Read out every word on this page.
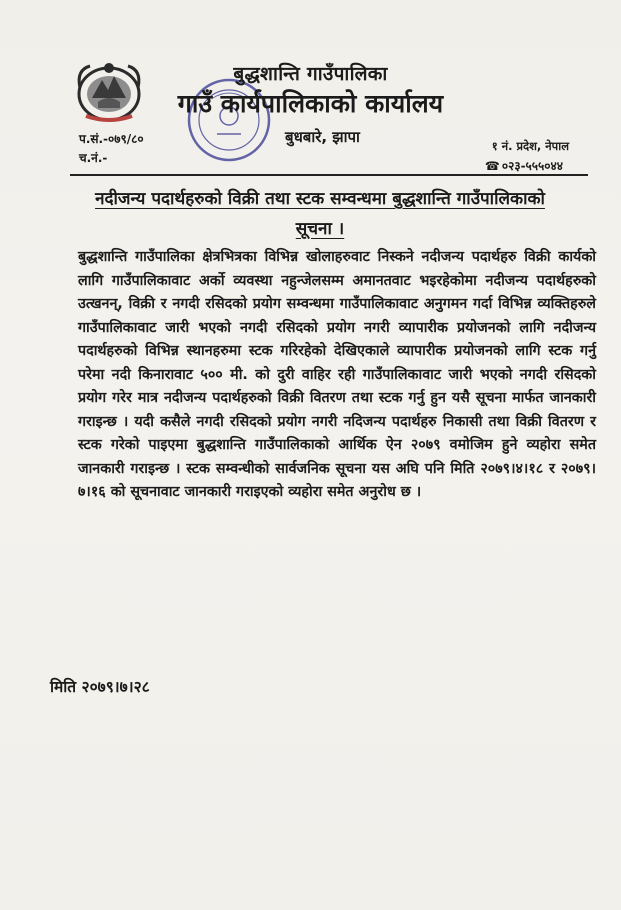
बुद्धशान्ति गाउँपालिका
गाउँ कार्यपालिकाको कार्यालय
बुधबारे, झापा
प.सं.-०७९/८०
च.नं.-
१ नं. प्रदेश, नेपाल
☎ ०२३-५५५०४४
नदीजन्य पदार्थहरुको विक्री तथा स्टक सम्वन्धमा बुद्धशान्ति गाउँपालिकाको
सूचना ।
बुद्धशान्ति गाउँपालिका क्षेत्रभित्रका विभिन्न खोलाहरुवाट निस्कने नदीजन्य पदार्थहरु विक्री कार्यको लागि गाउँपालिकावाट अर्को व्यवस्था नहुन्जेलसम्म अमानतवाट भइरहेकोमा नदीजन्य पदार्थहरुको उत्खनन्, विक्री र नगदी रसिदको प्रयोग सम्वन्धमा गाउँपालिकावाट अनुगमन गर्दा विभिन्न व्यक्तिहरुले गाउँपालिकावाट जारी भएको नगदी रसिदको प्रयोग नगरी व्यापारीक प्रयोजनको लागि नदीजन्य पदार्थहरुको विभिन्न स्थानहरुमा स्टक गरिरहेको देखिएकाले व्यापारीक प्रयोजनको लागि स्टक गर्नु परेमा नदी किनारावाट ५०० मी. को दुरी वाहिर रही गाउँपालिकावाट जारी भएको नगदी रसिदको प्रयोग गरेर मात्र नदीजन्य पदार्थहरुको विक्री वितरण तथा स्टक गर्नु हुन यसै सूचना मार्फत जानकारी गराइन्छ । यदी कसैले नगदी रसिदको प्रयोग नगरी नदिजन्य पदार्थहरु निकासी तथा विक्री वितरण र स्टक गरेको पाइएमा बुद्धशान्ति गाउँपालिकाको आर्थिक ऐन २०७९ वमोजिम हुने व्यहोरा समेत जानकारी गराइन्छ । स्टक सम्वन्धीको सार्वजनिक सूचना यस अघि पनि मिति २०७९।४।१८ र २०७९।७।१६ को सूचनावाट जानकारी गराइएको व्यहोरा समेत अनुरोध छ ।
मिति २०७९।७।२८
